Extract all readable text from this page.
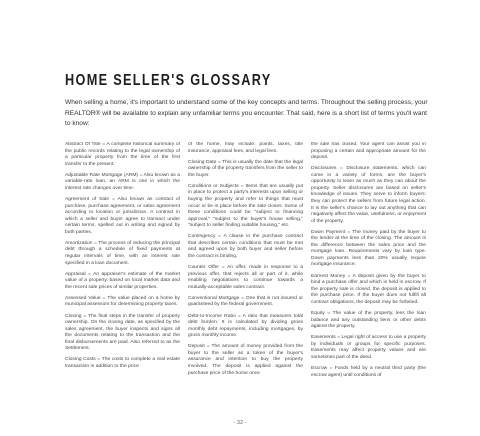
HOME SELLER'S GLOSSARY
When selling a home, it's important to understand some of the key concepts and terms. Throughout the selling process, your REALTOR® will be available to explain any unfamiliar terms you encounter. That said, here is a short list of terms you'll want to know:

Abstract Of Title = A complete historical summary of the public records relating to the legal ownership of a particular property from the time of the first transfer to the present.

Adjustable Rate Mortgage (ARM) = Also known as a variable-rate loan, an ARM is one in which the interest rate changes over time.

Agreement of Sale = Also known as contract of purchase, purchase agreement, or sales agreement according to location or jurisdiction. A contract in which a seller and buyer agree to transact under certain terms, spelled out in writing and signed by both parties.

Amortization = The process of reducing the principal debt through a schedule of fixed payments at regular intervals of time, with an interest rate specified in a loan document.

Appraisal = An appraiser's estimate of the market value of a property, based on local market data and the recent sale prices of similar properties.

Assessed Value = The value placed on a home by municipal assessors for determining property taxes.

Closing = The final steps in the transfer of property ownership. On the closing date, as specified by the sales agreement, the buyer inspects and signs all the documents relating to the transaction and the final disbursements are paid. Also referred to as the Settlement.

Closing Costs = The costs to complete a real estate transaction in addition to the price

of the home, may include: points, taxes, title insurance, appraisal fees, and legal fees.

Closing Date = This is usually the date that the legal ownership of the property transfers from the seller to the buyer.

Conditions or Subjects = Items that are usually put in place to protect a party's interests upon selling or buying the property and refer to things that must occur or be in place before the sale closes. Some of these conditions could be "subject to financing approval," "subject to the buyer's house selling," "subject to seller finding suitable housing," etc.

Contingency = A clause in the purchase contract that describes certain conditions that must be met and agreed upon by both buyer and seller before the contract is binding.

Counter Offer = An offer, made in response to a previous offer, that rejects all or part of it, while enabling negotiations to continue towards a mutually-acceptable sales contract.

Conventional Mortgage = One that is not insured or guaranteed by the federal government.

Debt-to-Income Ratio = A ratio that measures total debt burden. It is calculated by dividing gross monthly debt repayments, including mortgages, by gross monthly income.

Deposit = The amount of money provided from the buyer to the seller as a token of the buyer's assurance and intention to buy the property involved. The deposit is applied against the purchase price of the home once

the sale has closed. Your agent can assist you in proposing a certain and appropriate amount for the deposit.

Disclosures = Disclosure statements, which can come in a variety of forms, are the buyer's opportunity to learn as much as they can about the property. Seller disclosures are based on seller's knowledge of issues. They serve to inform buyers: they can protect the sellers from future legal action. It is the seller's chance to lay out anything that can negatively affect the value, usefulness, or enjoyment of the property.

Down Payment = The money paid by the buyer to the lender at the time of the closing. The amount is the difference between the sales price and the mortgage loan. Requirements vary by loan type. Down payments less than 20% usually require mortgage insurance.

Earnest Money = A deposit given by the buyer to bind a purchase offer and which is held in escrow. If the property sale is closed, the deposit is applied to the purchase price. If the buyer does not fulfill all contract obligations, the deposit may be forfeited.

Equity = The value of the property, less the loan balance and any outstanding liens or other debts against the property.

Easements = Legal right of access to use a property by individuals or groups for specific purposes. Easements may affect property values and are sometimes part of the deed.

Escrow = Funds held by a neutral third party (the escrow agent) until conditions of

- 32 -
